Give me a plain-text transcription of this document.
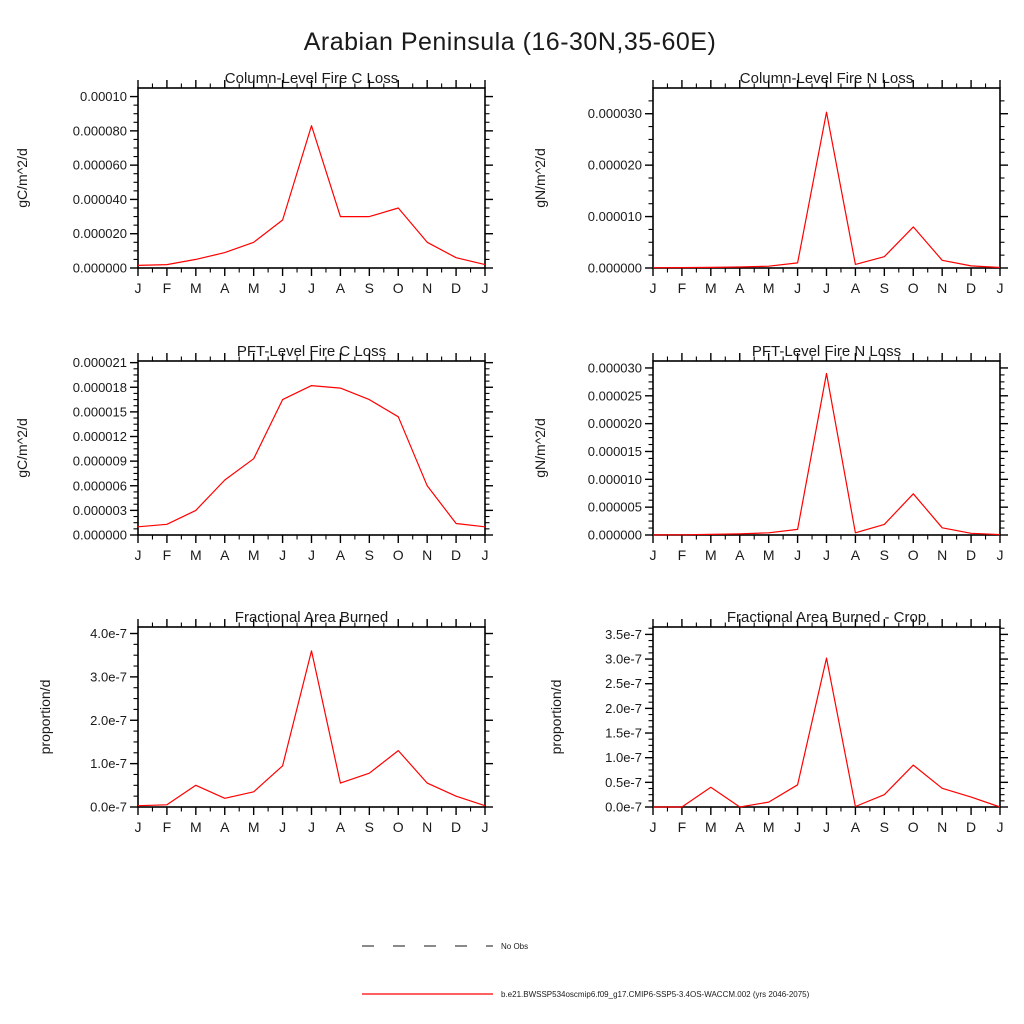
Arabian Peninsula (16-30N,35-60E)
J F M A M J J A S O N D J
0.000000
0.000020
0.000040
0.000060
0.000080
0.00010
Column-Level Fire C Loss
gC/m^2/d
J F M A M J J A S O N D J
0.000000
0.000010
0.000020
0.000030
Column-Level Fire N Loss
gN/m^2/d
J F M A M J J A S O N D J
0.000000
0.000003
0.000006
0.000009
0.000012
0.000015
0.000018
0.000021
PFT-Level Fire C Loss
gC/m^2/d
J F M A M J J A S O N D J
0.000000
0.000005
0.000010
0.000015
0.000020
0.000025
0.000030
PFT-Level Fire N Loss
gN/m^2/d
J F M A M J J A S O N D J
0.0e-7
1.0e-7
2.0e-7
3.0e-7
4.0e-7
Fractional Area Burned
proportion/d
J F M A M J J A S O N D J
0.0e-7
0.5e-7
1.0e-7
1.5e-7
2.0e-7
2.5e-7
3.0e-7
3.5e-7
Fractional Area Burned - Crop
proportion/d
No Obs
b.e21.BWSSP534oscmip6.f09_g17.CMIP6-SSP5-3.4OS-WACCM.002 (yrs 2046-2075)
